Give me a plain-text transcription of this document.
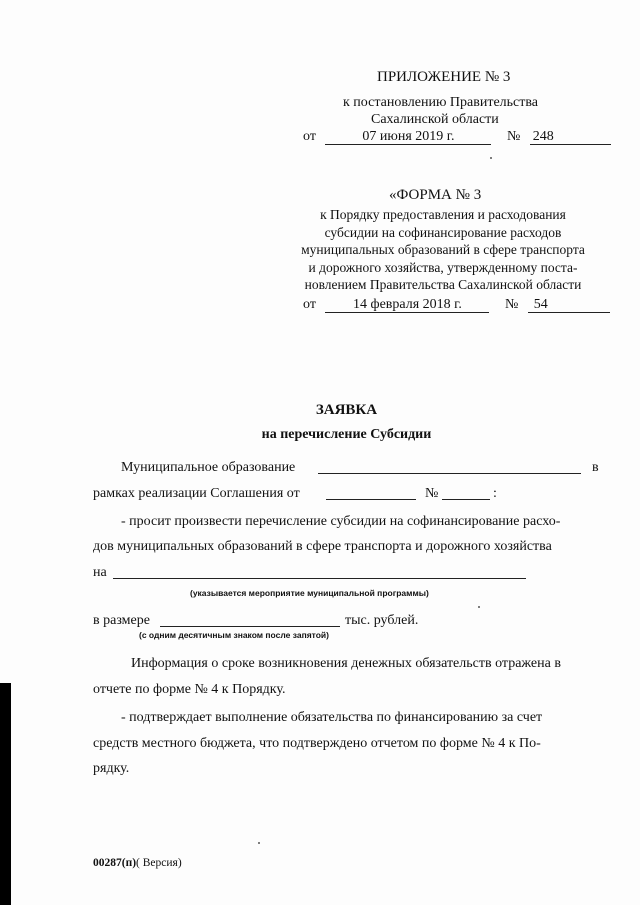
ПРИЛОЖЕНИЕ № 3
к постановлению Правительства
Сахалинской области
от	07 июня 2019 г.	№ 248
«ФОРМА № 3
к Порядку предоставления и расходования
субсидии на софинансирование расходов
муниципальных образований в сфере транспорта
и дорожного хозяйства, утвержденному поста-
новлением Правительства Сахалинской области
от	14 февраля 2018 г.	№ 54
ЗАЯВКА
на перечисление Субсидии
Муниципальное образование	в
рамках реализации Соглашения от	№	:
- просит произвести перечисление субсидии на софинансирование расхо-
дов муниципальных образований в сфере транспорта и дорожного хозяйства
на
(указывается мероприятие муниципальной программы)
в размере	тыс. рублей.
(с одним десятичным знаком после запятой)
Информация о сроке возникновения денежных обязательств отражена в
отчете по форме № 4 к Порядку.
- подтверждает выполнение обязательства по финансированию за счет
средств местного бюджета, что подтверждено отчетом по форме № 4 к По-
рядку.
00287(п)( Версия)
